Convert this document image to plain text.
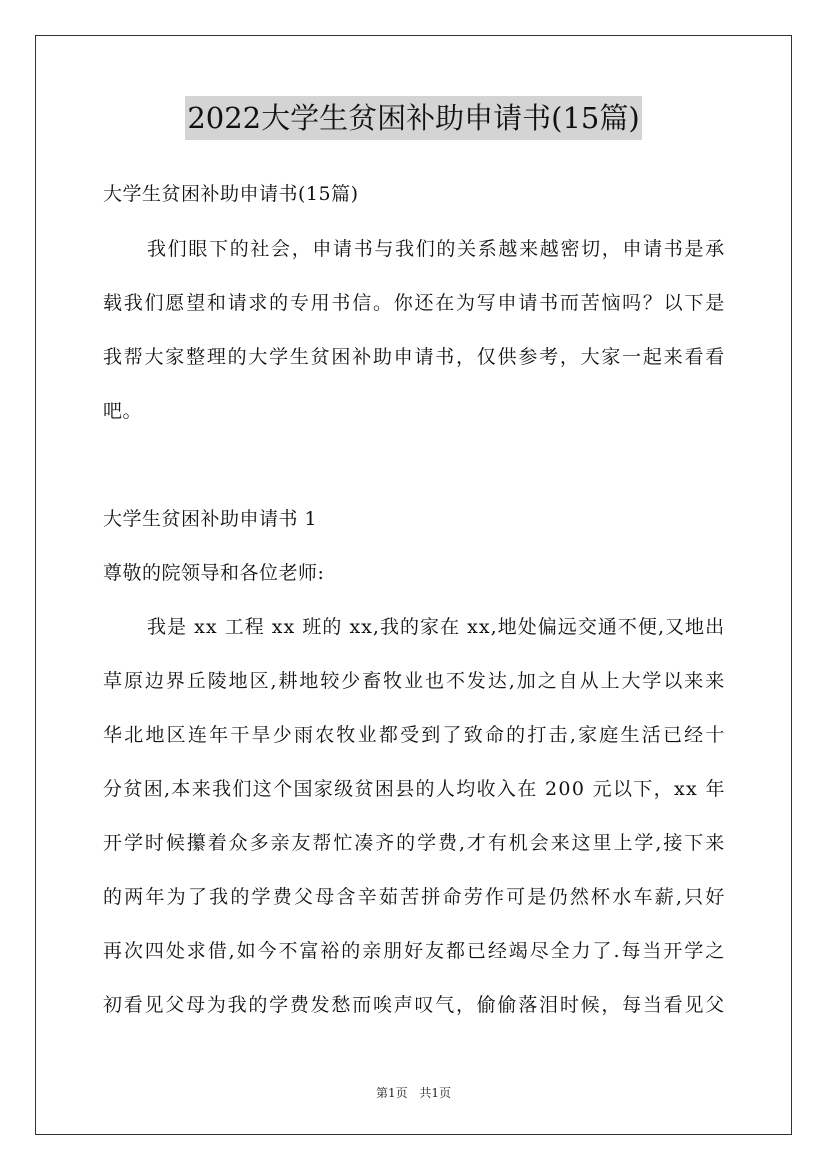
2022大学生贫困补助申请书(15篇)
大学生贫困补助申请书(15篇)
我 们 眼 下 的 社 会 ， 申 请 书 与 我 们 的 关 系 越 来 越 密 切 ， 申 请 书 是 承
载 我 们 愿 望 和 请 求 的 专 用 书 信 。 你 还 在 为 写 申 请 书 而 苦 恼 吗 ？ 以 下 是
我 帮 大 家 整 理 的 大 学 生 贫 困 补 助 申 请 书 ， 仅 供 参 考 ， 大 家 一 起 来 看 看
吧。
大学生贫困补助申请书 1
尊敬的院领导和各位老师:
我 是
x x
工 程
x x
班 的
x x , 我 的 家 在
x x , 地 处 偏 远 交 通 不 便 , 又 地 出
草 原 边 界 丘 陵 地 区 , 耕 地 较 少 畜 牧 业 也 不 发 达 , 加 之 自 从 上 大 学 以 来 来
华 北 地 区 连 年 干 旱 少 雨 农 牧 业 都 受 到 了 致 命 的 打 击 , 家 庭 生 活 已 经 十
分 贫 困 , 本 来 我 们 这 个 国 家 级 贫 困 县 的 人 均 收 入 在
2 0 0
元 以 下 ， x x
年
开 学 时 候 攥 着 众 多 亲 友 帮 忙 凑 齐 的 学 费 , 才 有 机 会 来 这 里 上 学 , 接 下 来
的 两 年 为 了 我 的 学 费 父 母 含 辛 茹 苦 拼 命 劳 作 可 是 仍 然 杯 水 车 薪 , 只 好
再 次 四 处 求 借 , 如 今 不 富 裕 的 亲 朋 好 友 都 已 经 竭 尽 全 力 了 . 每 当 开 学 之
初 看 见 父 母 为 我 的 学 费 发 愁 而 唉 声 叹 气 ， 偷 偷 落 泪 时 候 ， 每 当 看 见 父
第1页 共1页
